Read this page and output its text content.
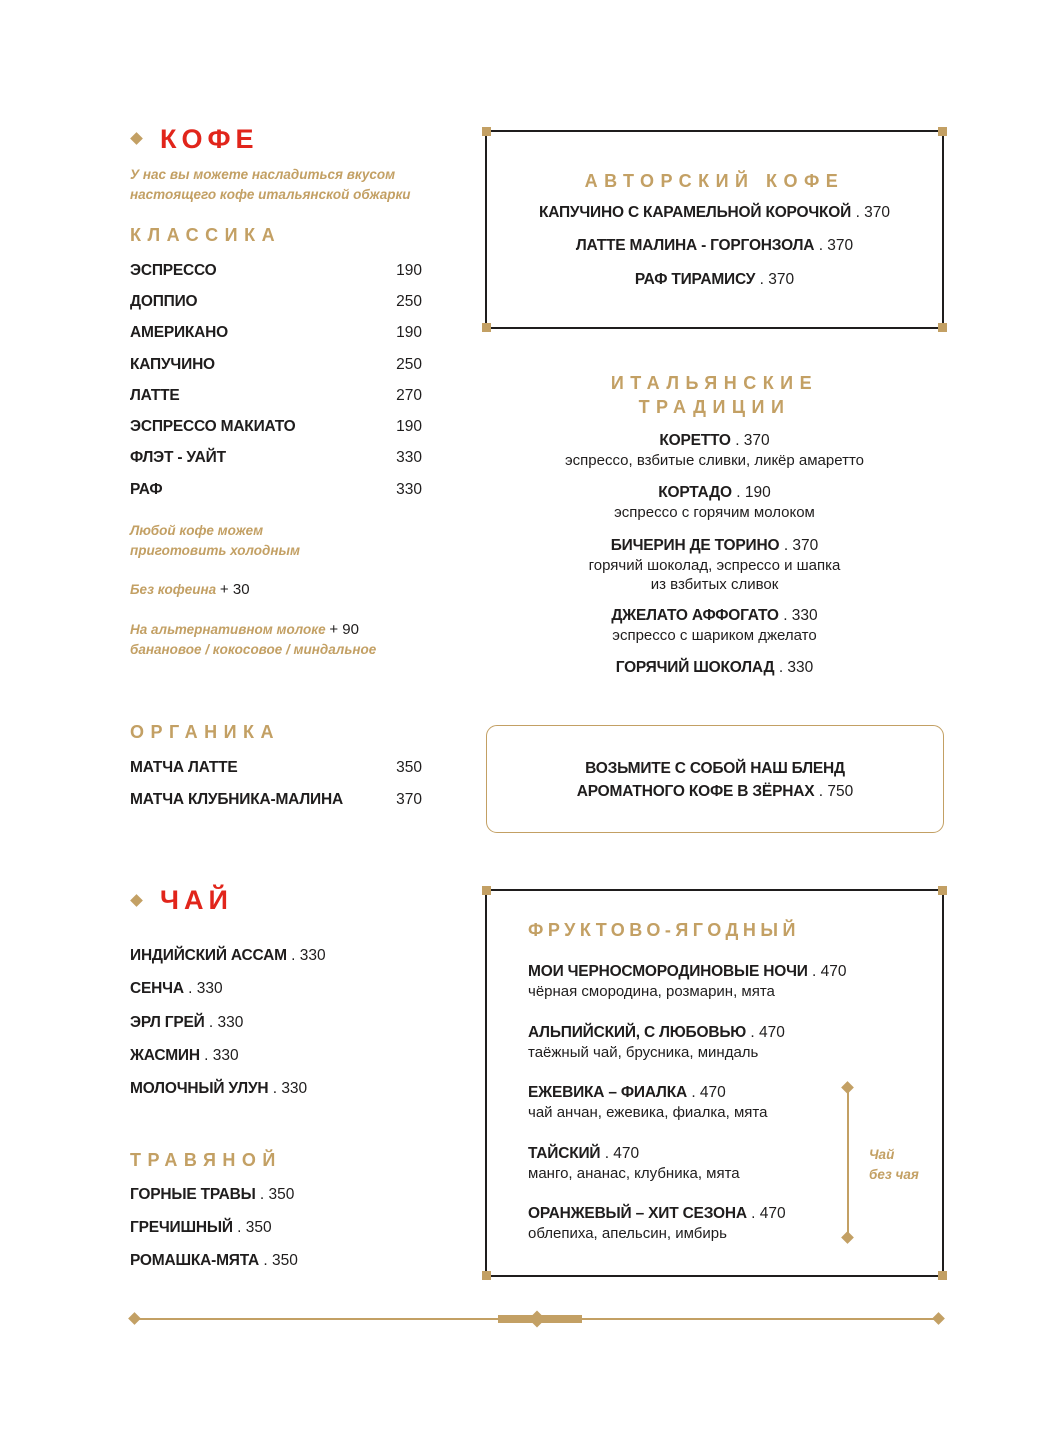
КОФЕ
У нас вы можете насладиться вкусом
настоящего кофе итальянской обжарки
КЛАССИКА
ЭСПРЕССО	190
ДОППИО	250
АМЕРИКАНО	190
КАПУЧИНО	250
ЛАТТЕ	270
ЭСПРЕССО МАКИАТО	190
ФЛЭТ - УАЙТ	330
РАФ	330
Любой кофе можем
приготовить холодным
Без кофеина + 30
На альтернативном молоке + 90
банановое / кокосовое / миндальное
ОРГАНИКА
МАТЧА ЛАТТЕ	350
МАТЧА КЛУБНИКА-МАЛИНА	370
ЧАЙ
ИНДИЙСКИЙ АССАМ . 330
СЕНЧА . 330
ЭРЛ ГРЕЙ . 330
ЖАСМИН . 330
МОЛОЧНЫЙ УЛУН . 330
ТРАВЯНОЙ
ГОРНЫЕ ТРАВЫ . 350
ГРЕЧИШНЫЙ . 350
РОМАШКА-МЯТА . 350
АВТОРСКИЙ КОФЕ
КАПУЧИНО С КАРАМЕЛЬНОЙ КОРОЧКОЙ . 370
ЛАТТЕ МАЛИНА - ГОРГОНЗОЛА . 370
РАФ ТИРАМИСУ . 370
ИТАЛЬЯНСКИЕ
ТРАДИЦИИ
КОРЕТТО . 370
эспрессо, взбитые сливки, ликёр амаретто
КОРТАДО . 190
эспрессо с горячим молоком
БИЧЕРИН ДЕ ТОРИНО . 370
горячий шоколад, эспрессо и шапка
из взбитых сливок
ДЖЕЛАТО АФФОГАТО . 330
эспрессо с шариком джелато
ГОРЯЧИЙ ШОКОЛАД . 330
ВОЗЬМИТЕ С СОБОЙ НАШ БЛЕНД
АРОМАТНОГО КОФЕ В ЗЁРНАХ . 750
ФРУКТОВО-ЯГОДНЫЙ
МОИ ЧЕРНОСМОРОДИНОВЫЕ НОЧИ . 470
чёрная смородина, розмарин, мята
АЛЬПИЙСКИЙ, С ЛЮБОВЬЮ . 470
таёжный чай, брусника, миндаль
ЕЖЕВИКА – ФИАЛКА . 470
чай анчан, ежевика, фиалка, мята
ТАЙСКИЙ . 470
манго, ананас, клубника, мята
ОРАНЖЕВЫЙ – ХИТ СЕЗОНА . 470
облепиха, апельсин, имбирь
Чай
без чая
